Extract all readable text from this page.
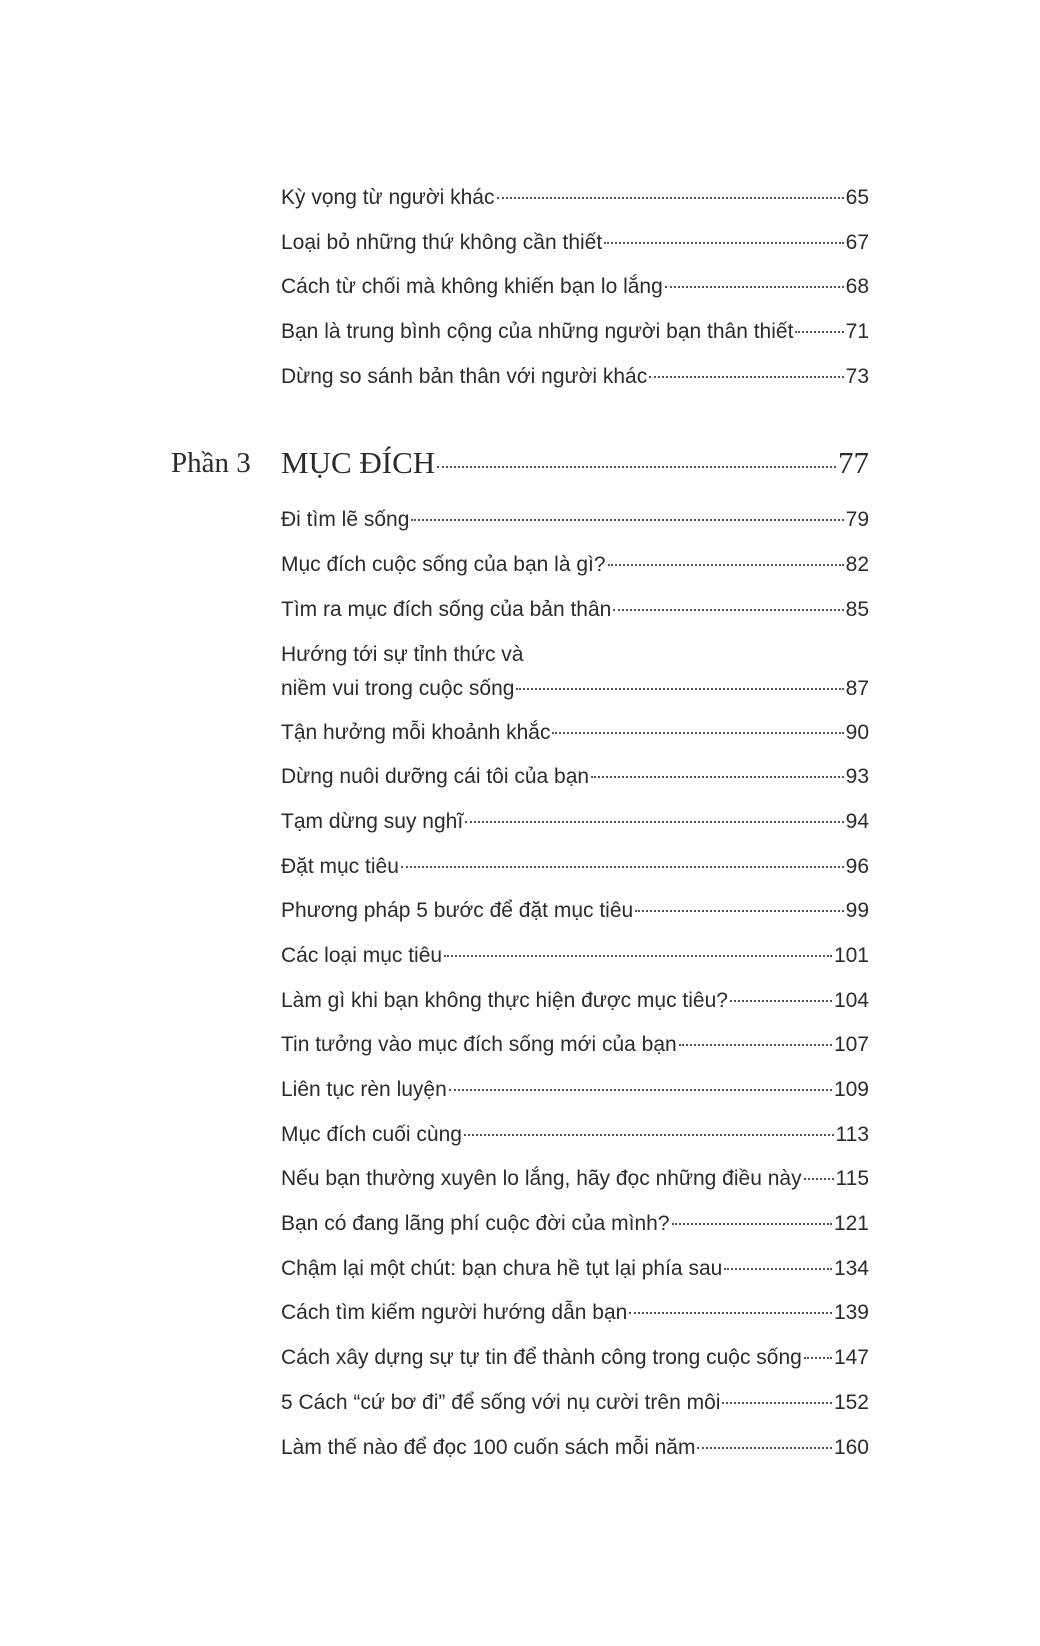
Kỳ vọng từ người khác	65
Loại bỏ những thứ không cần thiết	67
Cách từ chối mà không khiến bạn lo lắng	68
Bạn là trung bình cộng của những người bạn thân thiết 71
Dừng so sánh bản thân với người khác	73
Phần 3 MỤC ĐÍCH	77
Đi tìm lẽ sống	79
Mục đích cuộc sống của bạn là gì?	82
Tìm ra mục đích sống của bản thân	85
Hướng tới sự tỉnh thức và
niềm vui trong cuộc sống	87
Tận hưởng mỗi khoảnh khắc	90
Dừng nuôi dưỡng cái tôi của bạn	93
Tạm dừng suy nghĩ	94
Đặt mục tiêu	96
Phương pháp 5 bước để đặt mục tiêu	99
Các loại mục tiêu	101
Làm gì khi bạn không thực hiện được mục tiêu?	104
Tin tưởng vào mục đích sống mới của bạn	107
Liên tục rèn luyện	109
Mục đích cuối cùng	113
Nếu bạn thường xuyên lo lắng, hãy đọc những điều này 115
Bạn có đang lãng phí cuộc đời của mình?	121
Chậm lại một chút: bạn chưa hề tụt lại phía sau	134
Cách tìm kiếm người hướng dẫn bạn	139
Cách xây dựng sự tự tin để thành công trong cuộc sống 147
5 Cách “cứ bơ đi” để sống với nụ cười trên môi	152
Làm thế nào để đọc 100 cuốn sách mỗi năm	160
